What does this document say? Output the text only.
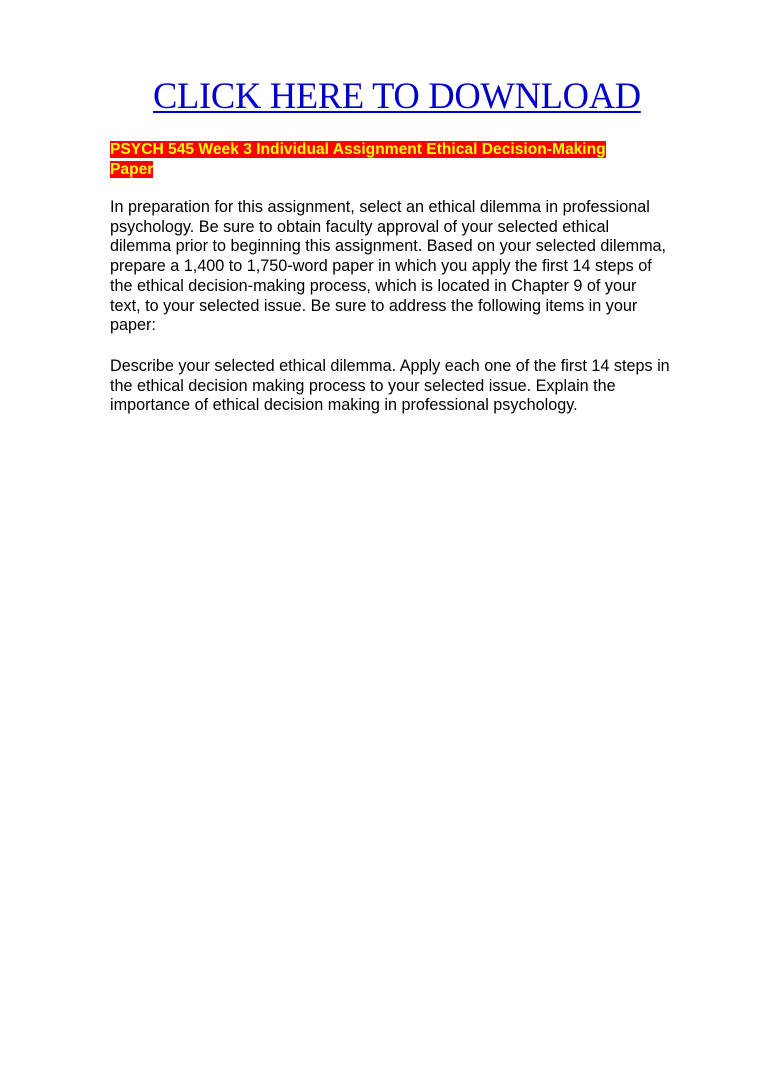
CLICK HERE TO DOWNLOAD
PSYCH 545 Week 3 Individual Assignment Ethical Decision-Making
Paper
In preparation for this assignment, select an ethical dilemma in professional
psychology. Be sure to obtain faculty approval of your selected ethical
dilemma prior to beginning this assignment. Based on your selected dilemma,
prepare a 1,400 to 1,750-word paper in which you apply the first 14 steps of
the ethical decision-making process, which is located in Chapter 9 of your
text, to your selected issue. Be sure to address the following items in your
paper:
Describe your selected ethical dilemma. Apply each one of the first 14 steps in
the ethical decision making process to your selected issue. Explain the
importance of ethical decision making in professional psychology.
